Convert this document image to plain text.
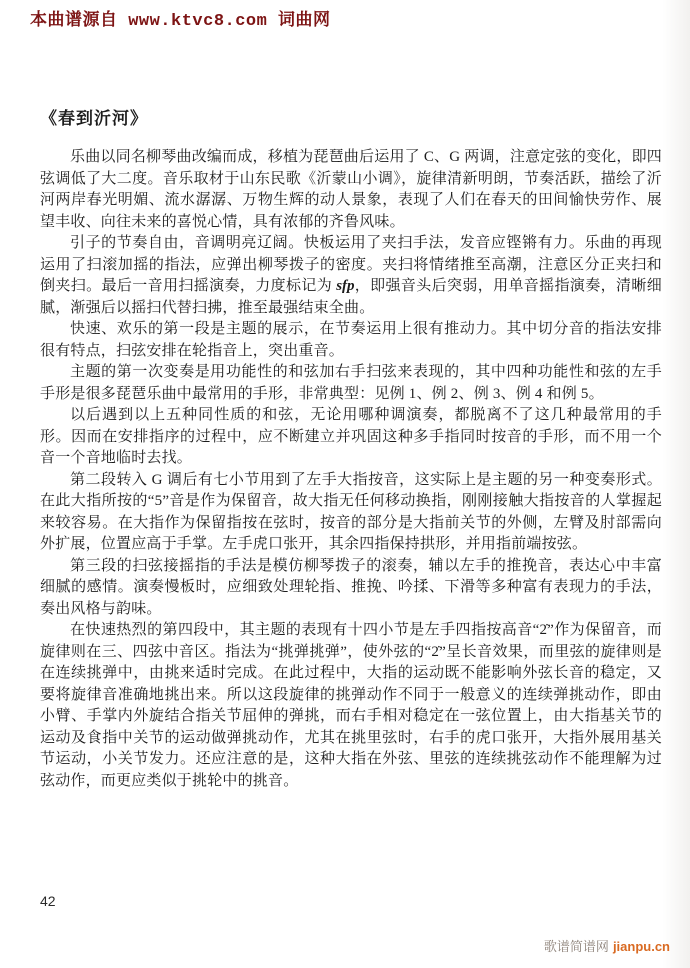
本曲谱源自 www.ktvc8.com 词曲网
《春到沂河》

乐曲以同名柳琴曲改编而成，移植为琵琶曲后运用了 C、G 两调，注意定弦的变化，即四弦调低了大二度。音乐取材于山东民歌《沂蒙山小调》，旋律清新明朗，节奏活跃，描绘了沂河两岸春光明媚、流水潺潺、万物生辉的动人景象，表现了人们在春天的田间愉快劳作、展望丰收、向往未来的喜悦心情，具有浓郁的齐鲁风味。

引子的节奏自由，音调明亮辽阔。快板运用了夹扫手法，发音应铿锵有力。乐曲的再现运用了扫滚加摇的指法，应弹出柳琴拨子的密度。夹扫将情绪推至高潮，注意区分正夹扫和倒夹扫。最后一音用扫摇演奏，力度标记为 sfp，即强音头后突弱，用单音摇指演奏，清晰细腻，渐强后以摇扫代替扫拂，推至最强结束全曲。

快速、欢乐的第一段是主题的展示，在节奏运用上很有推动力。其中切分音的指法安排很有特点，扫弦安排在轮指音上，突出重音。

主题的第一次变奏是用功能性的和弦加右手扫弦来表现的，其中四种功能性和弦的左手手形是很多琵琶乐曲中最常用的手形，非常典型：见例 1、例 2、例 3、例 4 和例 5。

以后遇到以上五种同性质的和弦，无论用哪种调演奏，都脱离不了这几种最常用的手形。因而在安排指序的过程中，应不断建立并巩固这种多手指同时按音的手形，而不用一个音一个音地临时去找。

第二段转入 G 调后有七小节用到了左手大指按音，这实际上是主题的另一种变奏形式。在此大指所按的“5”音是作为保留音，故大指无任何移动换指，刚刚接触大指按音的人掌握起来较容易。在大指作为保留指按在弦时，按音的部分是大指前关节的外侧，左臂及肘部需向外扩展，位置应高于手掌。左手虎口张开，其余四指保持拱形，并用指前端按弦。

第三段的扫弦接摇指的手法是模仿柳琴拨子的滚奏，辅以左手的推挽音，表达心中丰富细腻的感情。演奏慢板时，应细致处理轮指、推挽、吟揉、下滑等多种富有表现力的手法，奏出风格与韵味。

在快速热烈的第四段中，其主题的表现有十四小节是左手四指按高音“2̇”作为保留音，而旋律则在三、四弦中音区。指法为“挑弹挑弹”，使外弦的“2̇”呈长音效果，而里弦的旋律则是在连续挑弹中，由挑来适时完成。在此过程中，大指的运动既不能影响外弦长音的稳定，又要将旋律音准确地挑出来。所以这段旋律的挑弹动作不同于一般意义的连续弹挑动作，即由小臂、手掌内外旋结合指关节屈伸的弹挑，而右手相对稳定在一弦位置上，由大指基关节的运动及食指中关节的运动做弹挑动作，尤其在挑里弦时，右手的虎口张开，大指外展用基关节运动，小关节发力。还应注意的是，这种大指在外弦、里弦的连续挑弦动作不能理解为过弦动作，而更应类似于挑轮中的挑音。

42
歌谱简谱网 jianpu.cn
